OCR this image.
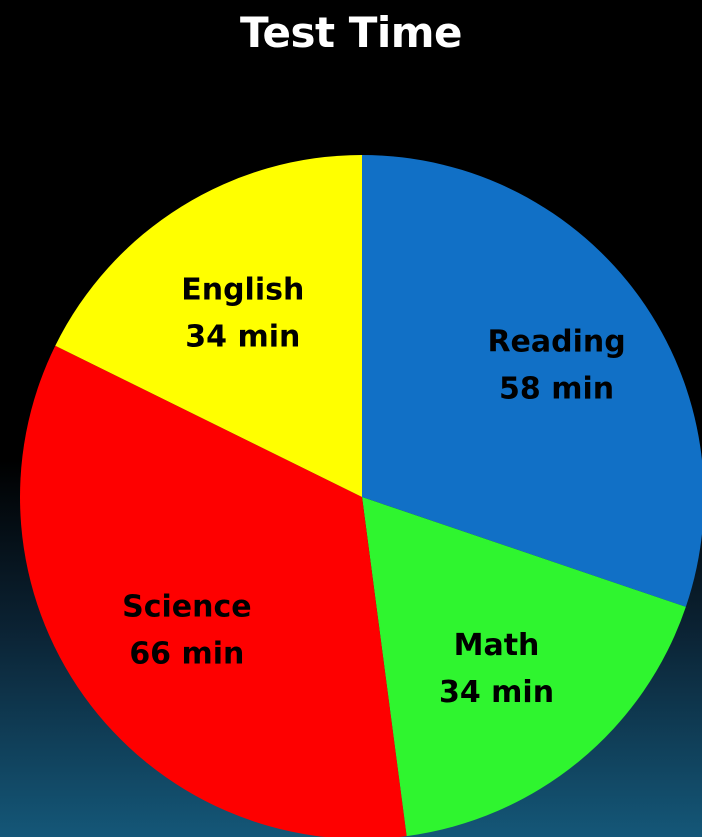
Test Time
Reading 58 min
Math 34 min
Science 66 min
English 34 min
